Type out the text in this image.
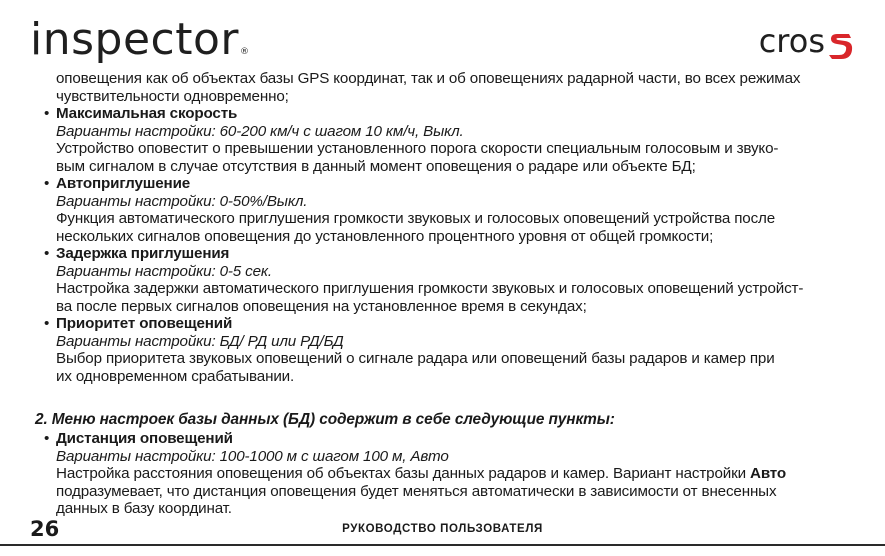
inspector®	cros

оповещения как об объектах базы GPS координат, так и об оповещениях радарной части, во всех режимах

чувствительности одновременно;

• Максимальная скорость

Варианты настройки: 60-200 км/ч с шагом 10 км/ч, Выкл.

Устройство оповестит о превышении установленного порога скорости специальным голосовым и звуко-

вым сигналом в случае отсутствия в данный момент оповещения о радаре или объекте БД;

• Автоприглушение

Варианты настройки: 0-50%/Выкл.

Функция автоматического приглушения громкости звуковых и голосовых оповещений устройства после

нескольких сигналов оповещения до установленного процентного уровня от общей громкости;

• Задержка приглушения

Варианты настройки: 0-5 сек.

Настройка задержки автоматического приглушения громкости звуковых и голосовых оповещений устройст-

ва после первых сигналов оповещения на установленное время в секундах;

• Приоритет оповещений

Варианты настройки: БД/ РД или РД/БД

Выбор приоритета звуковых оповещений о сигнале радара или оповещений базы радаров и камер при

их одновременном срабатывании.

2. Меню настроек базы данных (БД) содержит в себе следующие пункты:

• Дистанция оповещений

Варианты настройки: 100-1000 м с шагом 100 м, Авто

Настройка расстояния оповещения об объектах базы данных радаров и камер. Вариант настройки Авто

подразумевает, что дистанция оповещения будет меняться автоматически в зависимости от внесенных

данных в базу координат.

26	РУКОВОДСТВО ПОЛЬЗОВАТЕЛЯ
